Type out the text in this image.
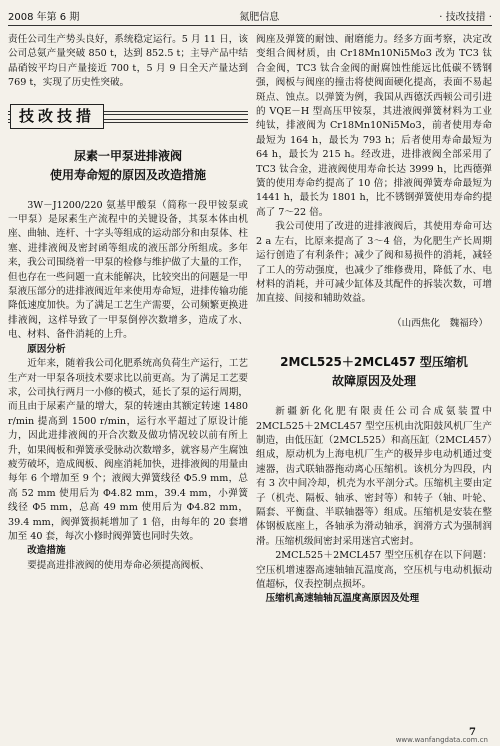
2008 年第 6 期	氮肥信息	· 技改技措 ·

责任公司生产势头良好，系统稳定运行。5 月 11 日，该公司总氨产量突破 850 t，达到 852.5 t；主导产品中结晶硝铵平均日产量接近 700 t，5 月 9 日全天产量达到 769 t，实现了历史性突破。

技改技措
尿素一甲泵进排液阀
使用寿命短的原因及改造措施

3W－J1200/220 氨基甲酸泵（简称一段甲铵泵或一甲泵）是尿素生产流程中的关键设备，其泵本体由机座、曲轴、连杆、十字头等组成的运动部分和由泵体、柱塞、进排液阀及密封函等组成的液压部分所组成。多年来，我公司围绕着一甲泵的检修与维护做了大量的工作，但也存在一些问题一直未能解决，比较突出的问题是一甲泵液压部分的进排液阀近年来使用寿命短，进排传输功能降低速度加快。为了满足工艺生产需要，公司频繁更换进排液阀，这样导致了一甲泵倒停次数增多，造成了水、电、材料、备件消耗的上升。

原因分析

近年来，随着我公司化肥系统高负荷生产运行，工艺生产对一甲泵各项技术要求比以前更高。为了满足工艺要求，公司执行两月一小修的模式，延长了泵的运行周期，而且由于尿素产量的增大，泵的转速由其额定转速 1480 r/min 提高到 1500 r/min，运行水平超过了原设计能力，因此进排液阀的开合次数及做功情况较以前有所上升，如果阀板和弹簧承受脉动次数增多，就容易产生腐蚀疲劳破坏，造成阀板、阀座消耗加快，进排液阀的用量由每年 6 个增加至 9 个；液阀大弹簧线径 Φ5.9 mm，总高 52 mm 使用后为 Φ4.82 mm，39.4 mm，小弹簧线径 Φ5 mm，总高 49 mm 使用后为 Φ4.82 mm，39.4 mm，阀弹簧损耗增加了 1 倍，由每年的 20 套增加至 40 套，每次小修时阀弹簧也同时失效。

改造措施

要提高进排液阀的使用寿命必须提高阀板、

阀座及弹簧的耐蚀、耐磨能力。经多方面考察，决定改变组合阀材质，由 Cr18Mn10Ni5Mo3 改为 TC3 钛合金阀，TC3 钛合金阀的耐腐蚀性能远比低碳不锈钢强，阀板与阀座的撞击将使阀面硬化提高，表面不易起斑点、蚀点。以弹簧为例，我国从西德沃西顿公司引进的 VQE－H 型高压甲铵泵，其进液阀弹簧材料为工业纯钛，排液阀为 Cr18Mn10Ni5Mo3，前者使用寿命最短为 164 h，最长为 793 h；后者使用寿命最短为 64 h，最长为 215 h。经改进，进排液阀全部采用了 TC3 钛合金，进液阀使用寿命长达 3999 h，比西德弹簧的使用寿命约提高了 10 倍；排液阀弹簧寿命最短为 1441 h，最长为 1801 h，比不锈钢弹簧使用寿命约提高了 7～22 倍。

我公司使用了改进的进排液阀后，其使用寿命可达 2 a 左右，比原来提高了 3～4 倍，为化肥生产长周期运行创造了有利条件；减少了阀和易损件的消耗，减轻了工人的劳动强度，也减少了维修费用，降低了水、电材料的消耗，并可减少缸体及其配件的拆装次数，可增加直接、间接和辅助效益。

（山西焦化　魏福玲）

2MCL525＋2MCL457 型压缩机
故障原因及处理

新疆新化化肥有限责任公司合成氨装置中 2MCL525＋2MCL457 型空压机由沈阳鼓风机厂生产制造，由低压缸（2MCL525）和高压缸（2MCL457）组成，原动机为上海电机厂生产的极异步电动机通过变速器，齿式联轴器拖动离心压缩机。该机分为四段，内有 3 次中间冷却，机壳为水平剖分式。压缩机主要由定子（机壳、隔板、轴承、密封等）和转子（轴、叶轮、隔套、平衡盘、半联轴器等）组成。压缩机是安装在整体钢板底座上，各轴承为滑动轴承，润滑方式为强制润滑。压缩机级间密封采用迷宫式密封。

2MCL525＋2MCL457 型空压机存在以下问题：空压机增速器高速轴轴瓦温度高，空压机与电动机振动值超标，仪表控制点损坏。

压缩机高速轴轴瓦温度高原因及处理

7
www.wanfangdata.com.cn
